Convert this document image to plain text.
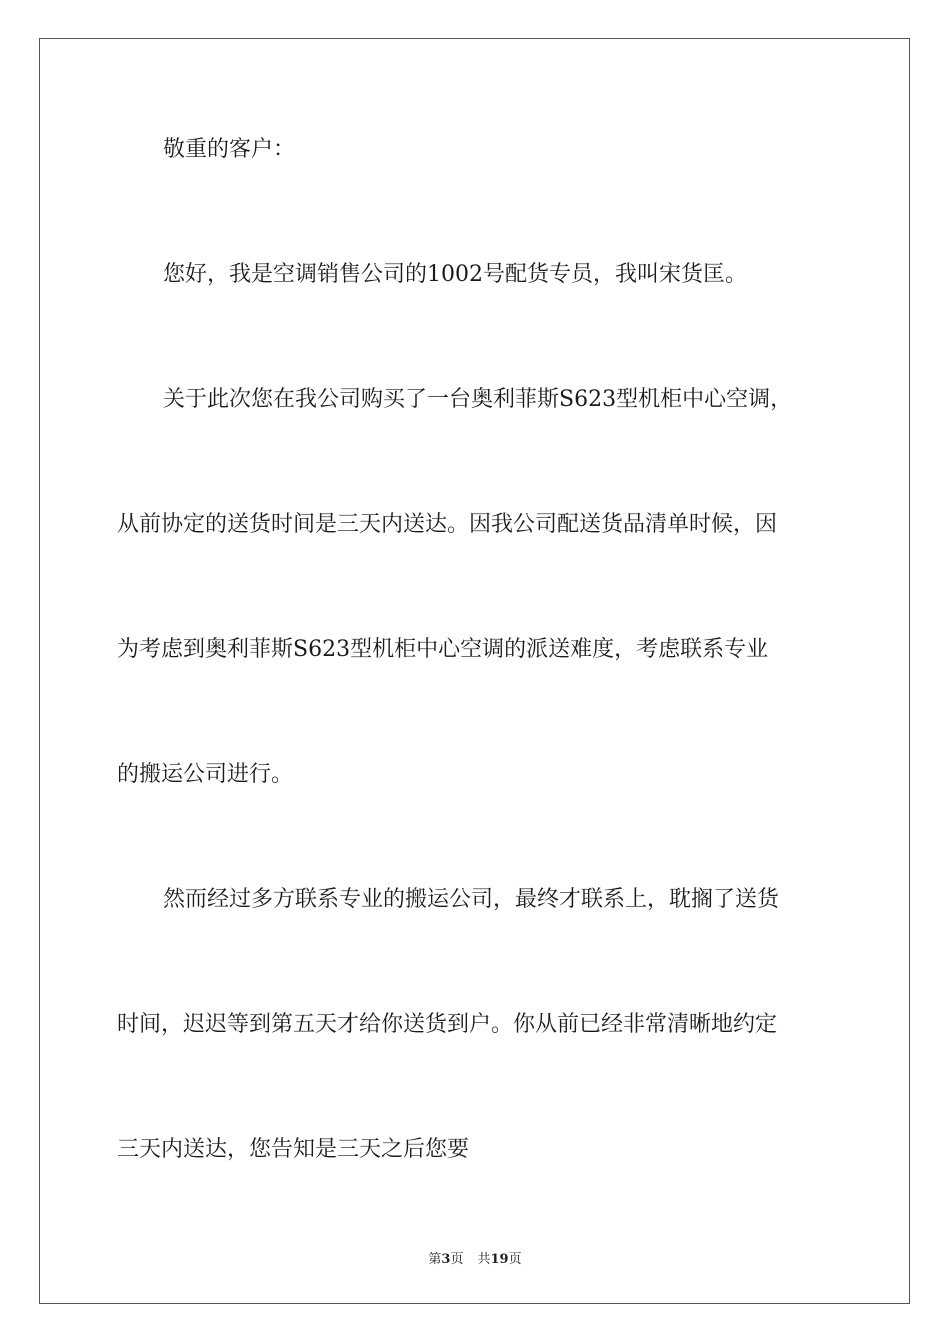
敬重的客户：
您好，我是空调销售公司的1002号配货专员，我叫宋货匡。
关于此次您在我公司购买了一台奥利菲斯S623型机柜中心空调，
从前协定的送货时间是三天内送达。因我公司配送货品清单时候，因
为考虑到奥利菲斯S623型机柜中心空调的派送难度，考虑联系专业
的搬运公司进行。
然而经过多方联系专业的搬运公司，最终才联系上，耽搁了送货
时间，迟迟等到第五天才给你送货到户。你从前已经非常清晰地约定
三天内送达，您告知是三天之后您要
第3页 共19页
